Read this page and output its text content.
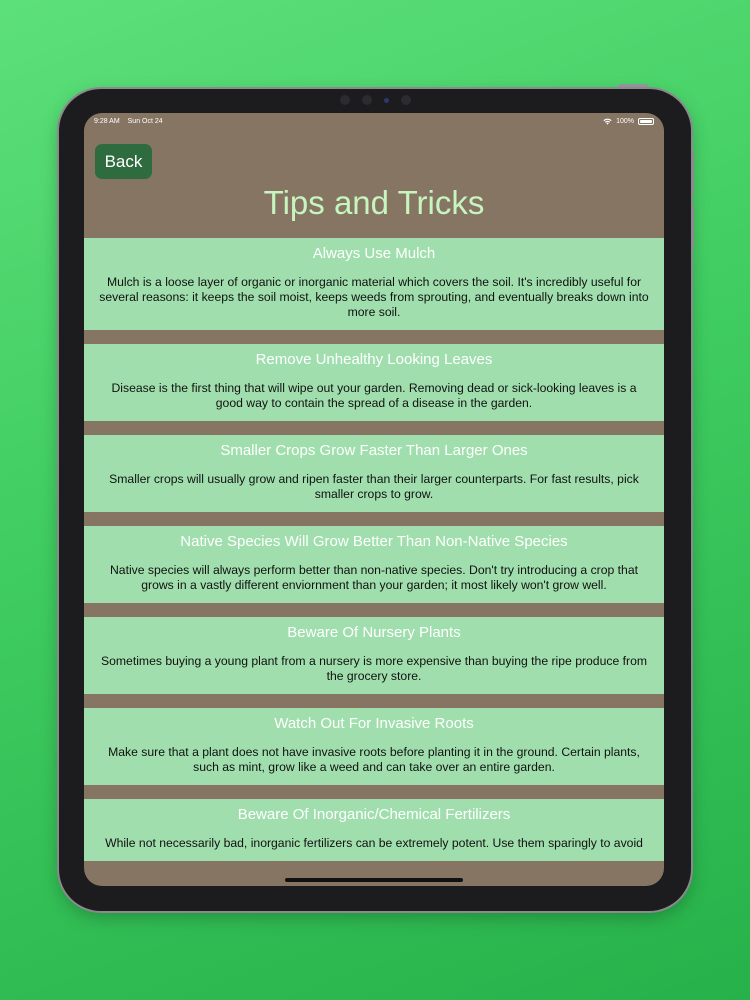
9:28 AM Sun Oct 24	100%
Back
Tips and Tricks
Always Use Mulch

Mulch is a loose layer of organic or inorganic material which covers the soil. It's incredibly useful for several reasons: it keeps the soil moist, keeps weeds from sprouting, and eventually breaks down into more soil.

Remove Unhealthy Looking Leaves

Disease is the first thing that will wipe out your garden. Removing dead or sick-looking leaves is a good way to contain the spread of a disease in the garden.

Smaller Crops Grow Faster Than Larger Ones

Smaller crops will usually grow and ripen faster than their larger counterparts. For fast results, pick smaller crops to grow.

Native Species Will Grow Better Than Non-Native Species

Native species will always perform better than non-native species. Don't try introducing a crop that grows in a vastly different enviornment than your garden; it most likely won't grow well.

Beware Of Nursery Plants

Sometimes buying a young plant from a nursery is more expensive than buying the ripe produce from the grocery store.

Watch Out For Invasive Roots

Make sure that a plant does not have invasive roots before planting it in the ground. Certain plants, such as mint, grow like a weed and can take over an entire garden.

Beware Of Inorganic/Chemical Fertilizers

While not necessarily bad, inorganic fertilizers can be extremely potent. Use them sparingly to avoid
